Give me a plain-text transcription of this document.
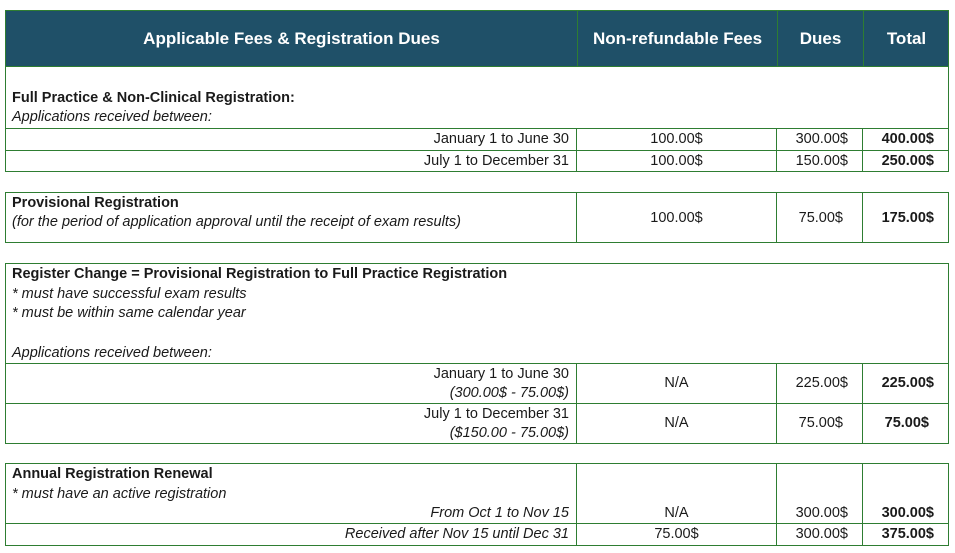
Applicable Fees & Registration Dues	Non-refundable Fees	Dues	Total
Full Practice & Non-Clinical Registration:
Applications received between:
January 1 to June 30	100.00$	300.00$	400.00$
July 1 to December 31	100.00$	150.00$	250.00$
Provisional Registration
(for the period of application approval until the receipt of exam results)	100.00$	75.00$	175.00$
Register Change = Provisional Registration to Full Practice Registration
* must have successful exam results
* must be within same calendar year
Applications received between:
January 1 to June 30
(300.00$ - 75.00$)
N/A	225.00$	225.00$
July 1 to December 31
($150.00 - 75.00$)
N/A	75.00$	75.00$
Annual Registration Renewal
* must have an active registration
From Oct 1 to Nov 15	N/A	300.00$	300.00$
Received after Nov 15 until Dec 31	75.00$	300.00$	375.00$
